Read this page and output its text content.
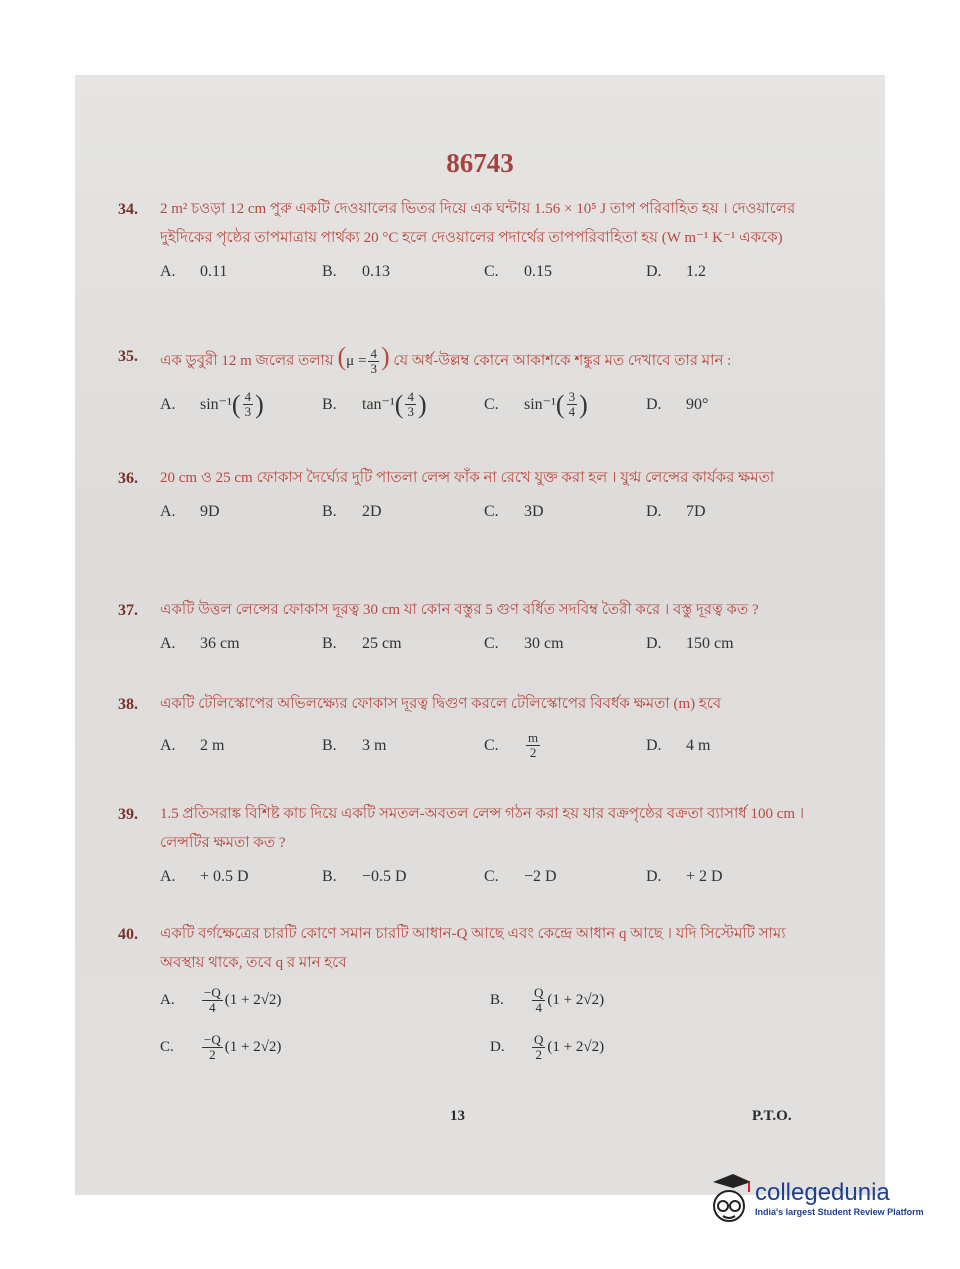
86743
34. 2 m² চওড়া 12 cm পুরু একটি দেওয়ালের ভিতর দিয়ে এক ঘন্টায় 1.56 × 10⁵ J তাপ পরিবাহিত হয় । দেওয়ালের দুইদিকের পৃষ্ঠের তাপমাত্রায় পার্থক্য 20 °C হলে দেওয়ালের পদার্থের তাপপরিবাহিতা হয় (W m⁻¹ K⁻¹ এককে)
A.	0.11	B.	0.13	C.	0.15	D.	1.2
35. এক ডুবুরী 12 m জলের তলায় ($\mu = \frac{4}{3}$ ) যে অর্ধ-উল্লম্ব কোনে আকাশকে শঙ্কুর মত দেখাবে তার মান :
A.	sin⁻¹ ( $\frac{4}{3}$ )	B.	tan⁻¹ ( $\frac{4}{3}$ )	C.	sin⁻¹ ( $\frac{3}{4}$ )	D.	90°
36. 20 cm ও 25 cm ফোকাস দৈর্ঘ্যের দুটি পাতলা লেন্স ফাঁক না রেখে যুক্ত করা হল । যুগ্ম লেন্সের কার্যকর ক্ষমতা
A.	9D	B.	2D	C.	3D	D.	7D
37. একটি উত্তল লেন্সের ফোকাস দূরত্ব 30 cm যা কোন বস্তুর 5 গুণ বর্ধিত সদবিম্ব তৈরী করে । বস্তু দূরত্ব কত ?
A.	36 cm	B.	25 cm	C.	30 cm	D.	150 cm
38. একটি টেলিস্কোপের অভিলক্ষ্যের ফোকাস দূরত্ব দ্বিগুণ করলে টেলিস্কোপের বিবর্ধক ক্ষমতা (m) হবে
A.	2 m	B.	3 m	C.	$\frac{m}{2}$	D.	4 m
39. 1.5 প্রতিসরাঙ্ক বিশিষ্ট কাচ দিয়ে একটি সমতল-অবতল লেন্স গঠন করা হয় যার বক্রপৃষ্ঠের বক্রতা ব্যাসার্ধ 100 cm । লেন্সটির ক্ষমতা কত ?
A.	+ 0.5 D	B.	−0.5 D	C.	−2 D	D.	+ 2 D
40. একটি বর্গক্ষেত্রের চারটি কোণে সমান চারটি আধান-Q আছে এবং কেন্দ্রে আধান q আছে । যদি সিস্টেমটি সাম্য অবস্থায় থাকে, তবে q র মান হবে
A.	$\frac{-Q}{4} (1 + 2√2)$	B.	$\frac{Q}{4} (1 + 2√2)$
C.	$\frac{-Q}{2} (1 + 2√2)$	D.	$\frac{Q}{2} (1 + 2√2)$
13	P.T.O.
collegedunia
India's largest Student Review Platform
